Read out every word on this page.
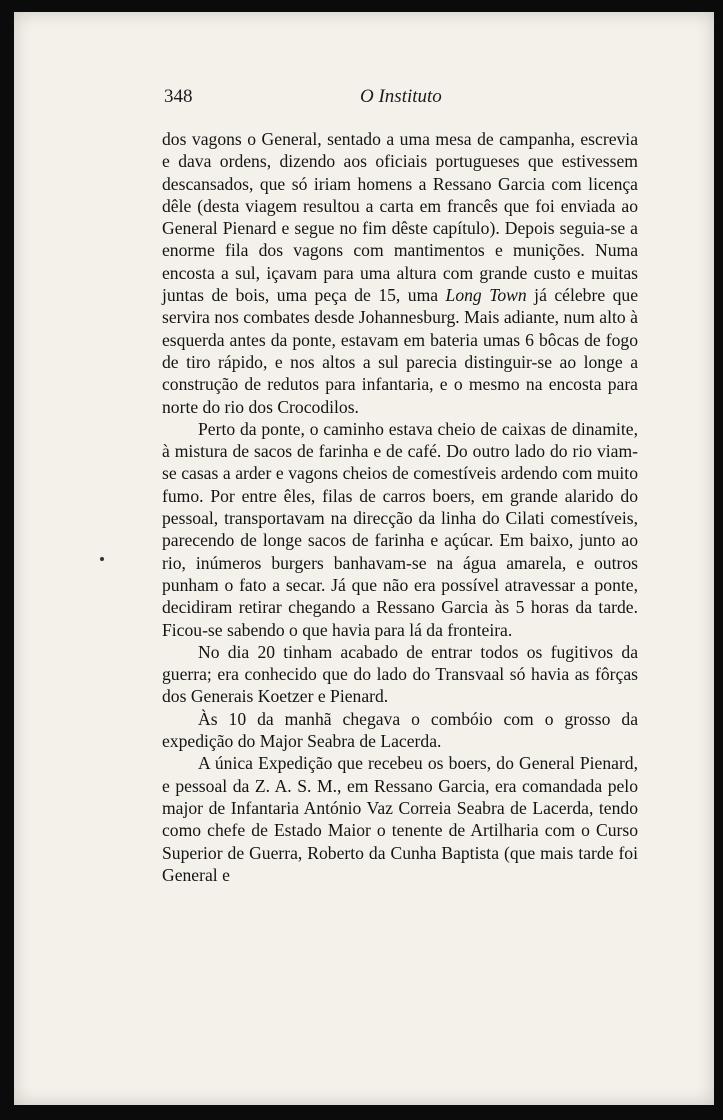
348	O Instituto

dos vagons o General, sentado a uma mesa de campanha, escrevia e dava ordens, dizendo aos oficiais portugueses que estivessem descansados, que só iriam homens a Ressano Garcia com licença dêle (desta viagem resultou a carta em francês que foi enviada ao General Pienard e segue no fim dêste capítulo). Depois seguia-se a enorme fila dos vagons com mantimentos e munições. Numa encosta a sul, içavam para uma altura com grande custo e muitas juntas de bois, uma peça de 15, uma Long Town já célebre que servira nos combates desde Johannesburg. Mais adiante, num alto à esquerda antes da ponte, estavam em bateria umas 6 bôcas de fogo de tiro rápido, e nos altos a sul parecia distinguir-se ao longe a construção de redutos para infantaria, e o mesmo na encosta para norte do rio dos Crocodilos.

Perto da ponte, o caminho estava cheio de caixas de dinamite, à mistura de sacos de farinha e de café. Do outro lado do rio viam-se casas a arder e vagons cheios de comestíveis ardendo com muito fumo. Por entre êles, filas de carros boers, em grande alarido do pessoal, transportavam na direcção da linha do Cilati comestíveis, parecendo de longe sacos de farinha e açúcar. Em baixo, junto ao rio, inúmeros burgers banhavam-se na água amarela, e outros punham o fato a secar. Já que não era possível atravessar a ponte, decidiram retirar chegando a Ressano Garcia às 5 horas da tarde. Ficou-se sabendo o que havia para lá da fronteira.

No dia 20 tinham acabado de entrar todos os fugitivos da guerra; era conhecido que do lado do Transvaal só havia as fôrças dos Generais Koetzer e Pienard.

Às 10 da manhã chegava o combóio com o grosso da expedição do Major Seabra de Lacerda.

A única Expedição que recebeu os boers, do General Pienard, e pessoal da Z. A. S. M., em Ressano Garcia, era comandada pelo major de Infantaria António Vaz Correia Seabra de Lacerda, tendo como chefe de Estado Maior o tenente de Artilharia com o Curso Superior de Guerra, Roberto da Cunha Baptista (que mais tarde foi General e
